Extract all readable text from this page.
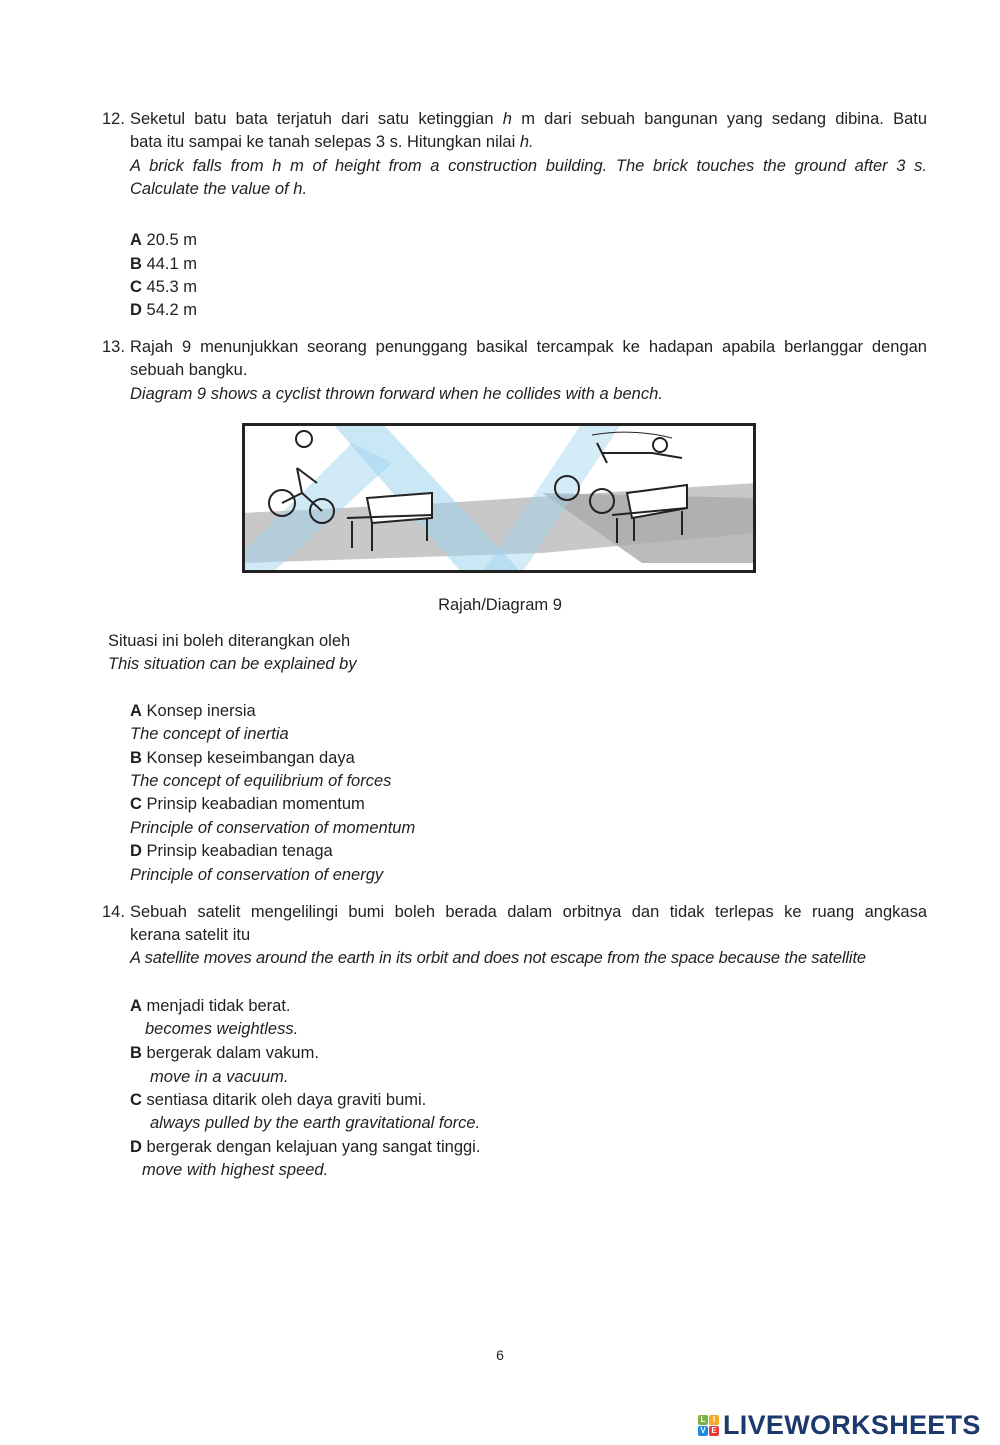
12. Seketul batu bata terjatuh dari satu ketinggian h m dari sebuah bangunan yang sedang dibina. Batu
bata itu sampai ke tanah selepas 3 s. Hitungkan nilai h.
A brick falls from h m of height from a construction building. The brick touches the ground after 3 s.
Calculate the value of h.
A 20.5 m
B 44.1 m
C 45.3 m
D 54.2 m
13. Rajah 9 menunjukkan seorang penunggang basikal tercampak ke hadapan apabila berlanggar dengan
sebuah bangku.
Diagram 9 shows a cyclist thrown forward when he collides with a bench.
Rajah/Diagram 9
Situasi ini boleh diterangkan oleh
This situation can be explained by
A Konsep inersia
The concept of inertia
B Konsep keseimbangan daya
The concept of equilibrium of forces
C Prinsip keabadian momentum
Principle of conservation of momentum
D Prinsip keabadian tenaga
Principle of conservation of energy
14. Sebuah satelit mengelilingi bumi boleh berada dalam orbitnya dan tidak terlepas ke ruang angkasa
kerana satelit itu
A satellite moves around the earth in its orbit and does not escape from the space because the satellite
A menjadi tidak berat.
becomes weightless.
B bergerak dalam vakum.
move in a vacuum.
C sentiasa ditarik oleh daya graviti bumi.
always pulled by the earth gravitational force.
D bergerak dengan kelajuan yang sangat tinggi.
move with highest speed.
6
L I
V E LIVEWORKSHEETS
